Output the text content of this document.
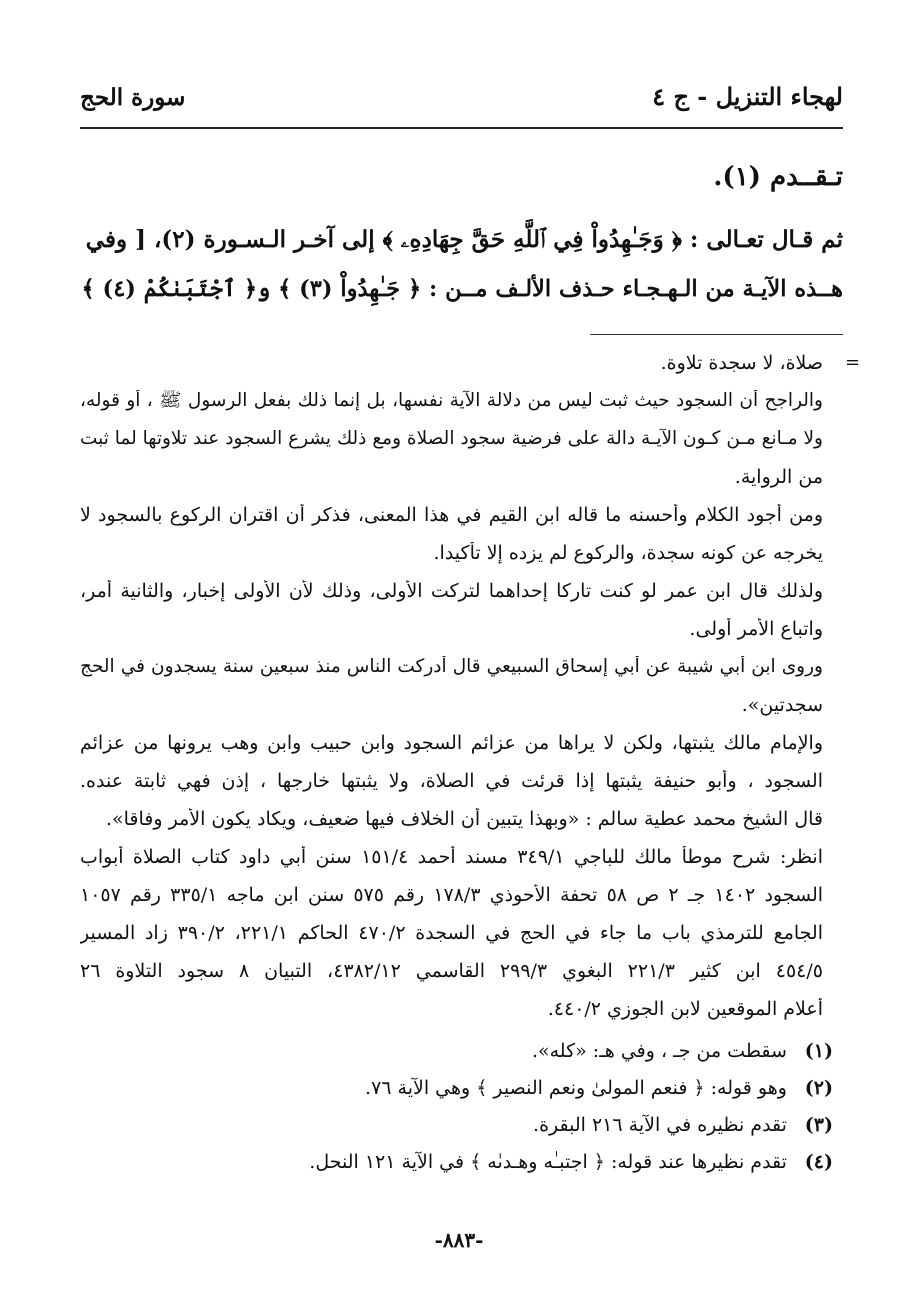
لهجاء التنزيل - ج ٤
سورة الحج
تـقــدم (١).
ثم قـال تعـالى : ﴿ وَجَـٰهِدُواْ فِي ٱللَّهِ حَقَّ جِهَادِهِۦ ﴾ إلى آخـر الـسـورة (٢)، [ وفي
هــذه الآيـة من الـهـجـاء حـذف الألـف مــن : ﴿ جَـٰهِدُواْ (٣) ﴾ و﴿ ٱجْتَبَىٰكُمْ (٤) ﴾
=
صلاة، لا سجدة تلاوة.
والراجح أن السجود حيث ثبت ليس من دلالة الآية نفسها، بل إنما ذلك بفعل الرسول ﷺ ، أو قوله،
ولا مـانع مـن كـون الآيـة دالة على فرضية سجود الصلاة ومع ذلك يشرع السجود عند تلاوتها لما ثبت
من الرواية.
ومن أجود الكلام وأحسنه ما قاله ابن القيم في هذا المعنى، فذكر أن اقتران الركوع بالسجود لا
يخرجه عن كونه سجدة، والركوع لم يزده إلا تأكيدا.
ولذلك قال ابن عمر لو كنت تاركا إحداهما لتركت الأولى، وذلك لأن الأولى إخبار، والثانية أمر،
واتباع الأمر أولى.
وروى ابن أبي شيبة عن أبي إسحاق السبيعي قال أدركت الناس منذ سبعين سنة يسجدون في الحج
سجدتين».
والإمام مالك يثبتها، ولكن لا يراها من عزائم السجود وابن حبيب وابن وهب يرونها من عزائم
السجود ، وأبو حنيفة يثبتها إذا قرئت في الصلاة، ولا يثبتها خارجها ، إذن فهي ثابتة عنده.
قال الشيخ محمد عطية سالم : «وبهذا يتبين أن الخلاف فيها ضعيف، ويكاد يكون الأمر وفاقا».
انظر: شرح موطأ مالك للباجي ٣٤٩/١ مسند أحمد ١٥١/٤ سنن أبي داود كتاب الصلاة أبواب
السجود ١٤٠٢ جـ ٢ ص ٥٨ تحفة الأحوذي ١٧٨/٣ رقم ٥٧٥ سنن ابن ماجه ٣٣٥/١ رقم ١٠٥٧
الجامع للترمذي باب ما جاء في الحج في السجدة ٤٧٠/٢ الحاكم ٢٢١/١، ٣٩٠/٢ زاد المسير
٤٥٤/٥ ابن كثير ٢٢١/٣ البغوي ٢٩٩/٣ القاسمي ٤٣٨٢/١٢، التبيان ٨ سجود التلاوة ٢٦
أعلام الموقعين لابن الجوزي ٤٤٠/٢.
(١) سقطت من جـ ، وفي هـ: «كله».
(٢) وهو قوله: ﴿ فنعم المولىٰ ونعم النصير ﴾ وهي الآية ٧٦.
(٣) تقدم نظيره في الآية ٢١٦ البقرة.
(٤) تقدم نظيرها عند قوله: ﴿ اجتبـٰه وهـدىٰه ﴾ في الآية ١٢١ النحل.
-٨٨٣-
